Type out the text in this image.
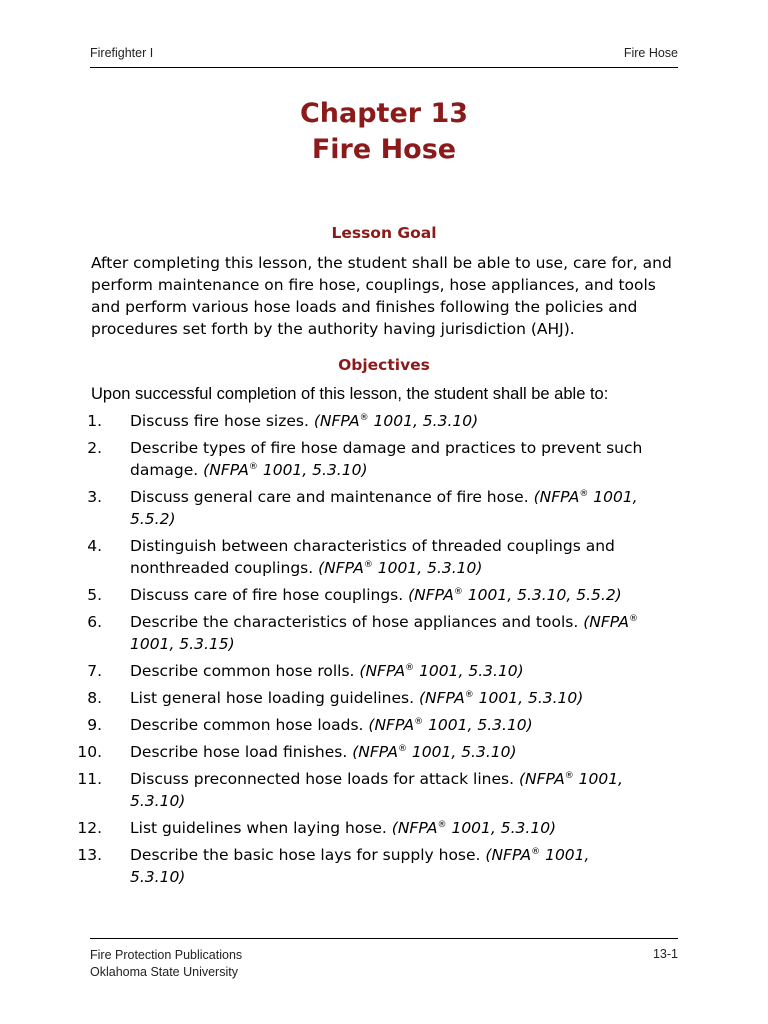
Firefighter I	Fire Hose
Chapter 13
Fire Hose
Lesson Goal
After completing this lesson, the student shall be able to use, care for, and perform maintenance on fire hose, couplings, hose appliances, and tools and perform various hose loads and finishes following the policies and procedures set forth by the authority having jurisdiction (AHJ).
Objectives
Upon successful completion of this lesson, the student shall be able to:
1.	Discuss fire hose sizes. (NFPA® 1001, 5.3.10)
2.	Describe types of fire hose damage and practices to prevent such damage. (NFPA® 1001, 5.3.10)
3.	Discuss general care and maintenance of fire hose. (NFPA® 1001, 5.5.2)
4.	Distinguish between characteristics of threaded couplings and nonthreaded couplings. (NFPA® 1001, 5.3.10)
5.	Discuss care of fire hose couplings. (NFPA® 1001, 5.3.10, 5.5.2)
6.	Describe the characteristics of hose appliances and tools. (NFPA® 1001, 5.3.15)
7.	Describe common hose rolls. (NFPA® 1001, 5.3.10)
8.	List general hose loading guidelines. (NFPA® 1001, 5.3.10)
9.	Describe common hose loads. (NFPA® 1001, 5.3.10)
10.	Describe hose load finishes. (NFPA® 1001, 5.3.10)
11.	Discuss preconnected hose loads for attack lines. (NFPA® 1001, 5.3.10)
12.	List guidelines when laying hose. (NFPA® 1001, 5.3.10)
13.	Describe the basic hose lays for supply hose. (NFPA® 1001, 5.3.10)
Fire Protection Publications
Oklahoma State University
13-1
